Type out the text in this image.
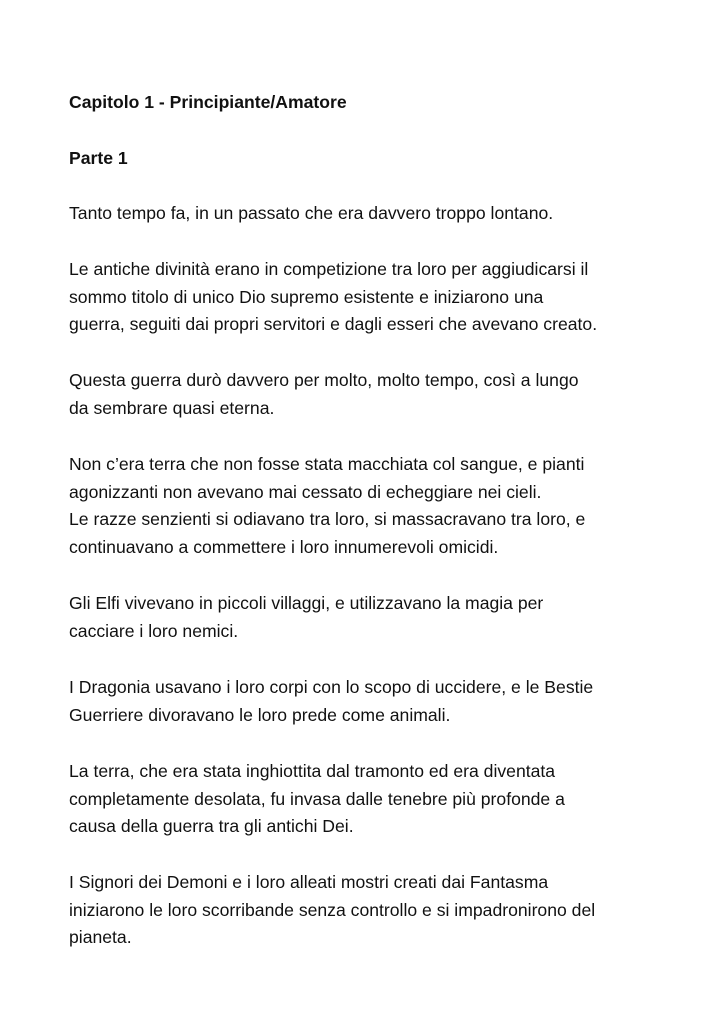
Capitolo 1 - Principiante/Amatore
Parte 1
Tanto tempo fa, in un passato che era davvero troppo lontano.
Le antiche divinità erano in competizione tra loro per aggiudicarsi il
sommo titolo di unico Dio supremo esistente e iniziarono una
guerra, seguiti dai propri servitori e dagli esseri che avevano creato.
Questa guerra durò davvero per molto, molto tempo, così a lungo
da sembrare quasi eterna.
Non c’era terra che non fosse stata macchiata col sangue, e pianti
agonizzanti non avevano mai cessato di echeggiare nei cieli.
Le razze senzienti si odiavano tra loro, si massacravano tra loro, e
continuavano a commettere i loro innumerevoli omicidi.
Gli Elfi vivevano in piccoli villaggi, e utilizzavano la magia per
cacciare i loro nemici.
I Dragonia usavano i loro corpi con lo scopo di uccidere, e le Bestie
Guerriere divoravano le loro prede come animali.
La terra, che era stata inghiottita dal tramonto ed era diventata
completamente desolata, fu invasa dalle tenebre più profonde a
causa della guerra tra gli antichi Dei.
I Signori dei Demoni e i loro alleati mostri creati dai Fantasma
iniziarono le loro scorribande senza controllo e si impadronirono del
pianeta.
